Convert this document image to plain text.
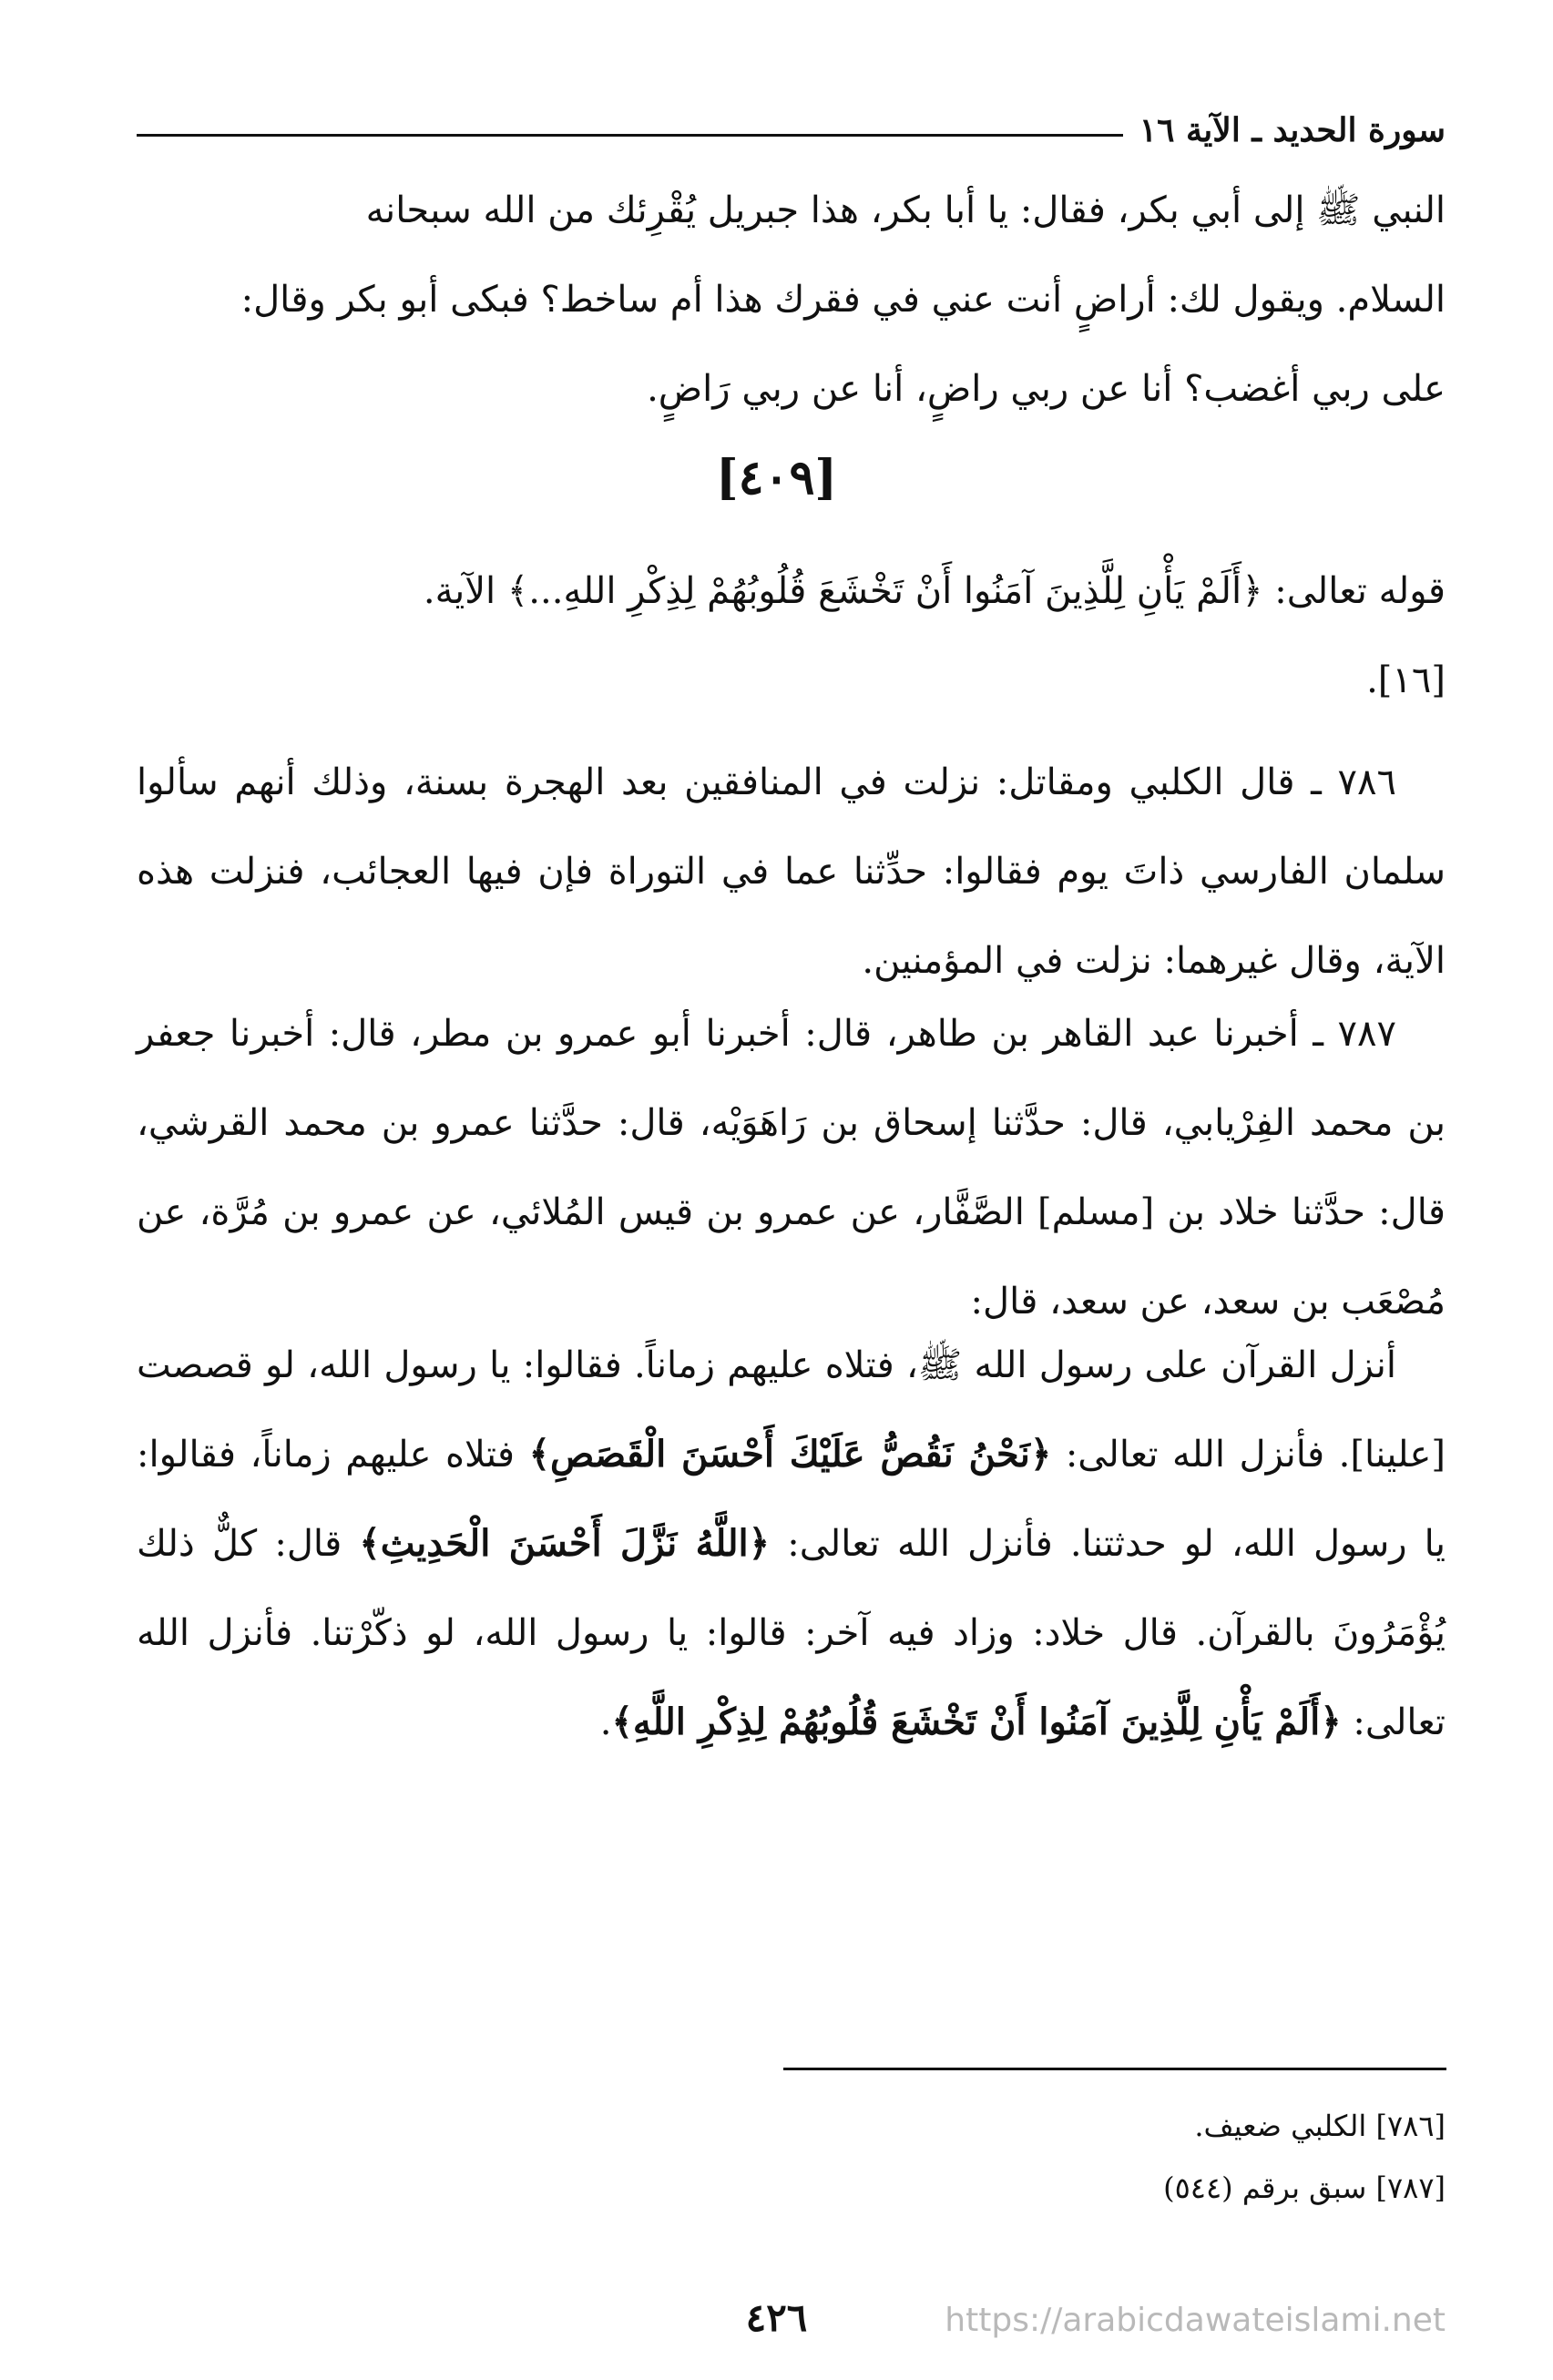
سورة الحديد ـ الآية ١٦

النبي ﷺ إلى أبي بكر، فقال: يا أبا بكر، هذا جبريل يُقْرِئك من الله سبحانه

السلام. ويقول لك: أراضٍ أنت عني في فقرك هذا أم ساخط؟ فبكى أبو بكر وقال:

على ربي أغضب؟ أنا عن ربي راضٍ، أنا عن ربي رَاضٍ.

[٤٠٩]

قوله تعالى: ﴿أَلَمْ يَأْنِ لِلَّذِينَ آمَنُوا أَنْ تَخْشَعَ قُلُوبُهُمْ لِذِكْرِ اللهِ...﴾ الآية.

[١٦].

٧٨٦ ـ قال الكلبي ومقاتل: نزلت في المنافقين بعد الهجرة بسنة، وذلك أنهم سألوا سلمان الفارسي ذاتَ يوم فقالوا: حدِّثنا عما في التوراة فإن فيها العجائب، فنزلت هذه الآية، وقال غيرهما: نزلت في المؤمنين.

٧٨٧ ـ أخبرنا عبد القاهر بن طاهر، قال: أخبرنا أبو عمرو بن مطر، قال: أخبرنا جعفر بن محمد الفِرْيابي، قال: حدَّثنا إسحاق بن رَاهَوَيْه، قال: حدَّثنا عمرو بن محمد القرشي، قال: حدَّثنا خلاد بن [مسلم] الصَّفَّار، عن عمرو بن قيس المُلائي، عن عمرو بن مُرَّة، عن مُصْعَب بن سعد، عن سعد، قال:

أنزل القرآن على رسول الله ﷺ، فتلاه عليهم زماناً. فقالوا: يا رسول الله، لو قصصت [علينا]. فأنزل الله تعالى: ﴿نَحْنُ نَقُصُّ عَلَيْكَ أَحْسَنَ الْقَصَصِ﴾ فتلاه عليهم زماناً، فقالوا: يا رسول الله، لو حدثتنا. فأنزل الله تعالى: ﴿اللَّهُ نَزَّلَ أَحْسَنَ الْحَدِيثِ﴾ قال: كلٌّ ذلك يُؤْمَرُونَ بالقرآن. قال خلاد: وزاد فيه آخر: قالوا: يا رسول الله، لو ذكّرْتنا. فأنزل الله تعالى: ﴿أَلَمْ يَأْنِ لِلَّذِينَ آمَنُوا أَنْ تَخْشَعَ قُلُوبُهُمْ لِذِكْرِ اللَّهِ﴾.

[٧٨٦] الكلبي ضعيف.

[٧٨٧] سبق برقم (٥٤٤)

٤٢٦	https://arabicdawateislami.net
